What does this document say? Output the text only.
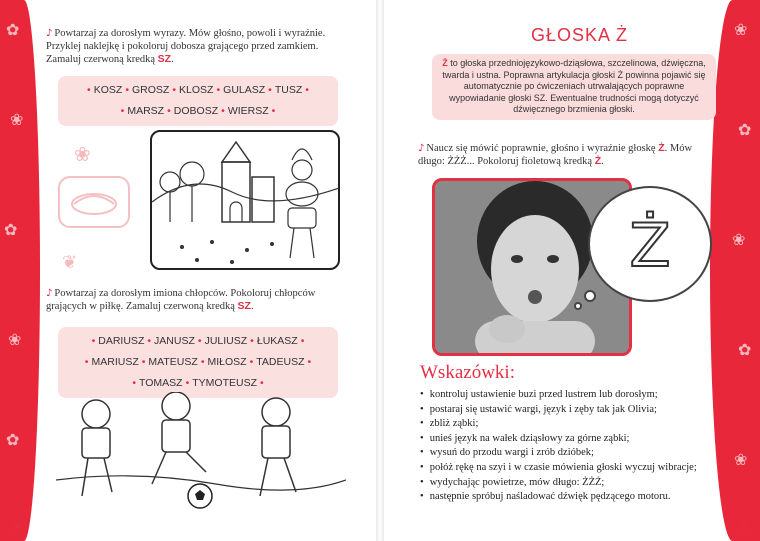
✿
❀
✿
❀
✿
❀
✿
❀
✿
❀
♪ Powtarzaj za dorosłym wyrazy. Mów głośno, powoli i wyraźnie. Przyklej naklejkę i pokoloruj dobosza grającego przed zamkiem. Zamaluj czerwoną kredką SZ.
• KOSZ • GROSZ • KLOSZ • GULASZ • TUSZ •
• MARSZ • DOBOSZ • WIERSZ •
❀
❦
♪ Powtarzaj za dorosłym imiona chłopców. Pokoloruj chłopców grających w piłkę. Zamaluj czerwoną kredką SZ.
• DARIUSZ • JANUSZ • JULIUSZ • ŁUKASZ •
• MARIUSZ • MATEUSZ • MIŁOSZ • TADEUSZ •
• TOMASZ • TYMOTEUSZ •
34
GŁOSKA Ż
Ż to głoska przedniojęzykowo-dziąsłowa, szczelinowa, dźwięczna, twarda i ustna. Poprawna artykulacja głoski Ż powinna pojawić się automatycznie po ćwiczeniach utrwalających poprawne wypowiadanie głoski SZ. Ewentualne trudności mogą dotyczyć dźwięcznego brzmienia głoski.
♪ Naucz się mówić poprawnie, głośno i wyraźnie głoskę Ż. Mów długo: ŻŻŻ... Pokoloruj fioletową kredką Ż.
Ż
Wskazówki:
• kontroluj ustawienie buzi przed lustrem lub dorosłym;
• postaraj się ustawić wargi, język i zęby tak jak Olivia;
• zbliż ząbki;
• unieś język na wałek dziąsłowy za górne ząbki;
• wysuń do przodu wargi i zrób dzióbek;
• połóż rękę na szyi i w czasie mówienia głoski wyczuj wibracje;
• wydychając powietrze, mów długo: ŻŻŻ;
• następnie spróbuj naśladować dźwięk pędzącego motoru.
35
